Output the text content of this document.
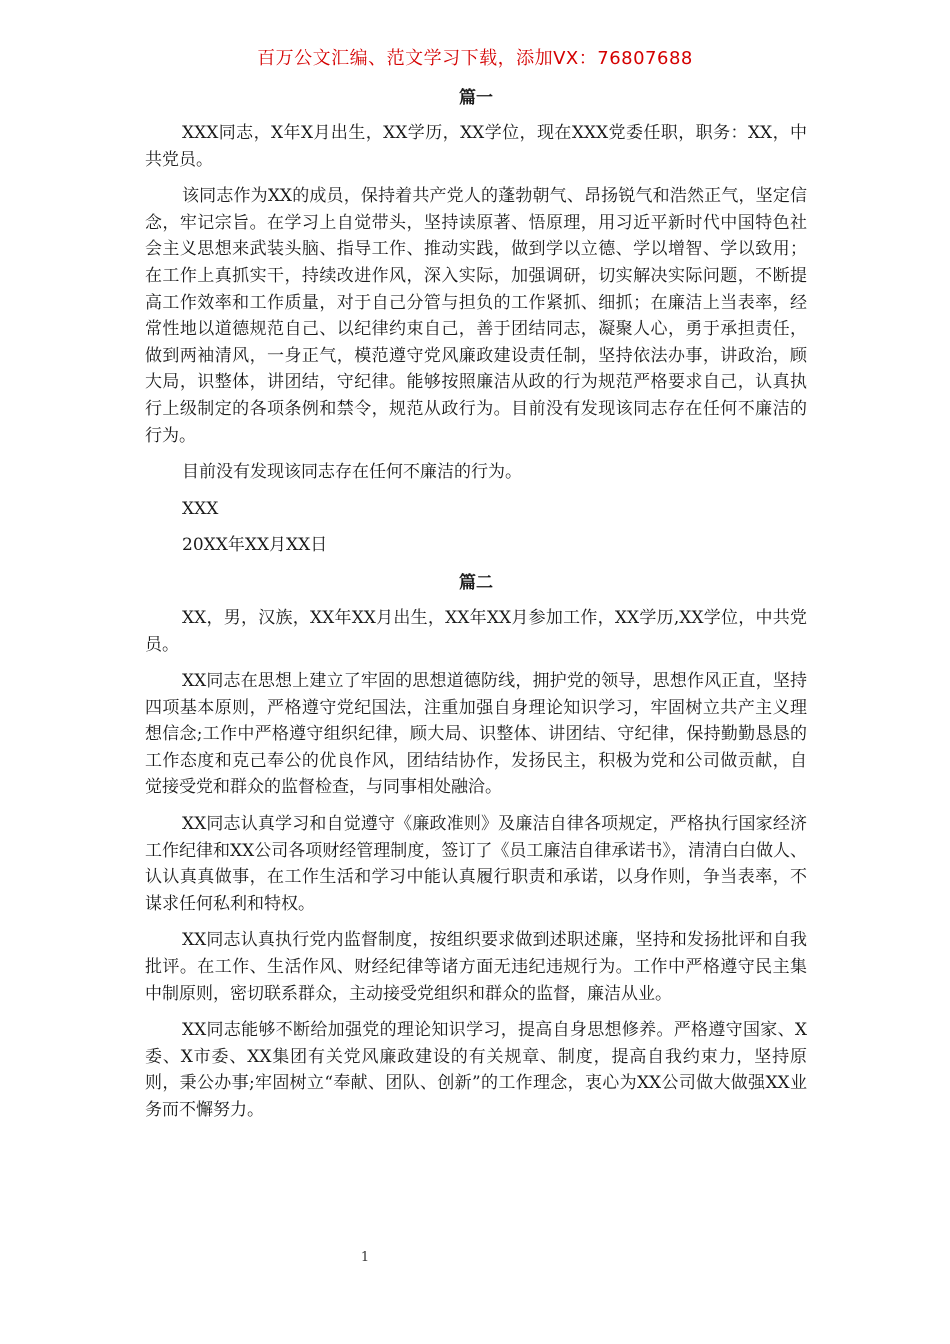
百万公文汇编、范文学习下载，添加VX：76807688
篇一

XXX同志，X年X月出生，XX学历，XX学位，现在XXX党委任职，职务：XX，中共党员。

该同志作为XX的成员，保持着共产党人的蓬勃朝气、昂扬锐气和浩然正气，坚定信念，牢记宗旨。在学习上自觉带头，坚持读原著、悟原理，用习近平新时代中国特色社会主义思想来武装头脑、指导工作、推动实践，做到学以立德、学以增智、学以致用；在工作上真抓实干，持续改进作风，深入实际，加强调研，切实解决实际问题，不断提高工作效率和工作质量，对于自己分管与担负的工作紧抓、细抓；在廉洁上当表率，经常性地以道德规范自己、以纪律约束自己，善于团结同志，凝聚人心，勇于承担责任，做到两袖清风，一身正气，模范遵守党风廉政建设责任制，坚持依法办事，讲政治，顾大局，识整体，讲团结，守纪律。能够按照廉洁从政的行为规范严格要求自己，认真执行上级制定的各项条例和禁令，规范从政行为。目前没有发现该同志存在任何不廉洁的行为。

目前没有发现该同志存在任何不廉洁的行为。

XXX

20XX年XX月XX日

篇二

XX，男，汉族，XX年XX月出生，XX年XX月参加工作，XX学历,XX学位，中共党员。

XX同志在思想上建立了牢固的思想道德防线，拥护党的领导，思想作风正直，坚持四项基本原则，严格遵守党纪国法，注重加强自身理论知识学习，牢固树立共产主义理想信念;工作中严格遵守组织纪律，顾大局、识整体、讲团结、守纪律，保持勤勤恳恳的工作态度和克己奉公的优良作风，团结结协作，发扬民主，积极为党和公司做贡献，自觉接受党和群众的监督检查，与同事相处融洽。

XX同志认真学习和自觉遵守《廉政准则》及廉洁自律各项规定，严格执行国家经济工作纪律和XX公司各项财经管理制度，签订了《员工廉洁自律承诺书》，清清白白做人、认认真真做事，在工作生活和学习中能认真履行职责和承诺，以身作则，争当表率，不谋求任何私利和特权。

XX同志认真执行党内监督制度，按组织要求做到述职述廉，坚持和发扬批评和自我批评。在工作、生活作风、财经纪律等诸方面无违纪违规行为。工作中严格遵守民主集中制原则，密切联系群众，主动接受党组织和群众的监督，廉洁从业。

XX同志能够不断给加强党的理论知识学习，提高自身思想修养。严格遵守国家、X委、X市委、XX集团有关党风廉政建设的有关规章、制度，提高自我约束力，坚持原则，秉公办事;牢固树立“奉献、团队、创新”的工作理念，衷心为XX公司做大做强XX业务而不懈努力。

1
